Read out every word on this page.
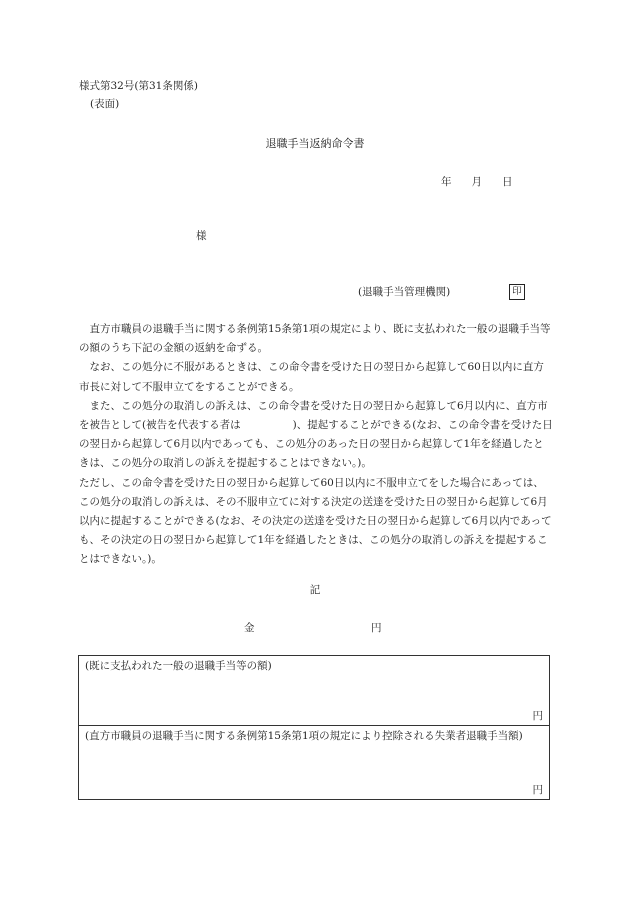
様式第32号(第31条関係)
(表面)
退職手当返納命令書
年 月 日
様
(退職手当管理機関)	印

直方市職員の退職手当に関する条例第15条第1項の規定により、既に支払われた一般の退職手当等の額のうち下記の金額の返納を命ずる。

なお、この処分に不服があるときは、この命令書を受けた日の翌日から起算して60日以内に直方市長に対して不服申立てをすることができる。

また、この処分の取消しの訴えは、この命令書を受けた日の翌日から起算して6月以内に、直方市を被告として(被告を代表する者は	)、提起することができる(なお、この命令書を受けた日の翌日から起算して6月以内であっても、この処分のあった日の翌日から起算して1年を経過したときは、この処分の取消しの訴えを提起することはできない。)。

ただし、この命令書を受けた日の翌日から起算して60日以内に不服申立てをした場合にあっては、この処分の取消しの訴えは、その不服申立てに対する決定の送達を受けた日の翌日から起算して6月以内に提起することができる(なお、その決定の送達を受けた日の翌日から起算して6月以内であっても、その決定の日の翌日から起算して1年を経過したときは、この処分の取消しの訴えを提起することはできない。)。

記
金	円
(既に支払われた一般の退職手当等の額)
円
(直方市職員の退職手当に関する条例第15条第1項の規定により控除される失業者退職手当額)
円
